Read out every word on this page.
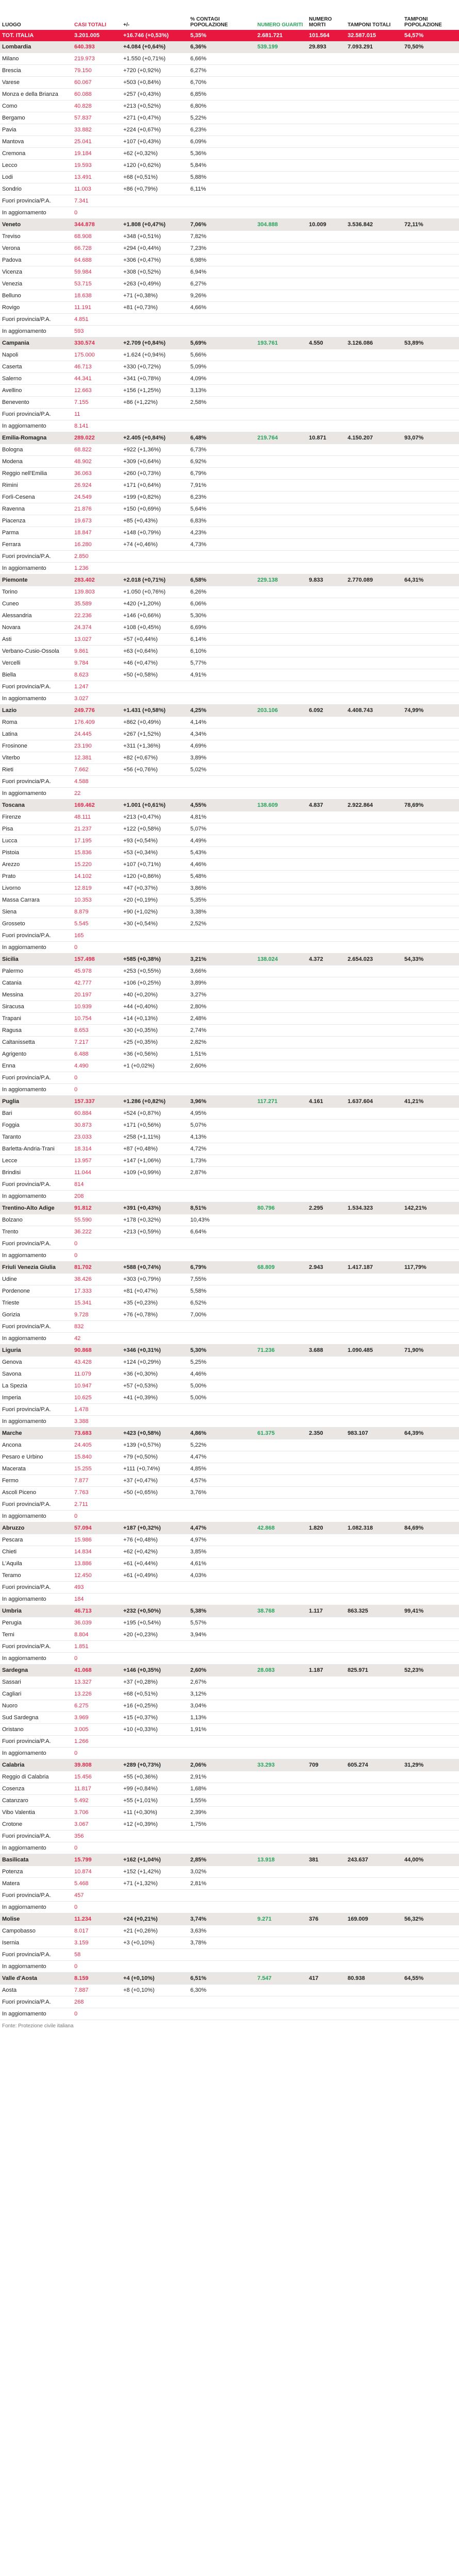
LUOGO	CASI TOTALI	+/-	% CONTAGI POPOLAZIONE	NUMERO GUARITI	NUMERO MORTI	TAMPONI TOTALI	TAMPONI POPOLAZIONE
TOT. ITALIA	3.201.005	+16.746 (+0,53%)	5,35%	2.681.721	101.564	32.587.015	54,57%
Lombardia	640.393	+4.084 (+0,64%)	6,36%	539.199	29.893	7.093.291	70,50%
Milano	219.973	+1.550 (+0,71%)	6,66%				
Brescia	79.150	+720 (+0,92%)	6,27%				
Varese	60.067	+503 (+0,84%)	6,70%				
Monza e della Brianza	60.088	+257 (+0,43%)	6,85%				
Como	40.828	+213 (+0,52%)	6,80%				
Bergamo	57.837	+271 (+0,47%)	5,22%				
Pavia	33.882	+224 (+0,67%)	6,23%				
Mantova	25.041	+107 (+0,43%)	6,09%				
Cremona	19.184	+62 (+0,32%)	5,36%				
Lecco	19.593	+120 (+0,62%)	5,84%				
Lodi	13.491	+68 (+0,51%)	5,88%				
Sondrio	11.003	+86 (+0,79%)	6,11%				
Fuori provincia/P.A.	7.341						
In aggiornamento	0						
Veneto	344.878	+1.808 (+0,47%)	7,06%	304.888	10.009	3.536.842	72,11%
Treviso	68.908	+348 (+0,51%)	7,82%				
Verona	66.728	+294 (+0,44%)	7,23%				
Padova	64.688	+306 (+0,47%)	6,98%				
Vicenza	59.984	+308 (+0,52%)	6,94%				
Venezia	53.715	+263 (+0,49%)	6,27%				
Belluno	18.638	+71 (+0,38%)	9,26%				
Rovigo	11.191	+81 (+0,73%)	4,66%				
Fuori provincia/P.A.	4.851						
In aggiornamento	593						
Campania	330.574	+2.709 (+0,84%)	5,69%	193.761	4.550	3.126.086	53,89%
Napoli	175.000	+1.624 (+0,94%)	5,66%				
Caserta	46.713	+330 (+0,72%)	5,09%				
Salerno	44.341	+341 (+0,78%)	4,09%				
Avellino	12.663	+156 (+1,25%)	3,13%				
Benevento	7.155	+86 (+1,22%)	2,58%				
Fuori provincia/P.A.	11						
In aggiornamento	8.141						
Emilia-Romagna	289.022	+2.405 (+0,84%)	6,48%	219.764	10.871	4.150.207	93,07%
Bologna	68.822	+922 (+1,36%)	6,73%				
Modena	48.902	+309 (+0,64%)	6,92%				
Reggio nell'Emilia	36.063	+260 (+0,73%)	6,79%				
Rimini	26.924	+171 (+0,64%)	7,91%				
Forlì-Cesena	24.549	+199 (+0,82%)	6,23%				
Ravenna	21.876	+150 (+0,69%)	5,64%				
Piacenza	19.673	+85 (+0,43%)	6,83%				
Parma	18.847	+148 (+0,79%)	4,23%				
Ferrara	16.280	+74 (+0,46%)	4,73%				
Fuori provincia/P.A.	2.850						
In aggiornamento	1.236						
Piemonte	283.402	+2.018 (+0,71%)	6,58%	229.138	9.833	2.770.089	64,31%
Torino	139.803	+1.050 (+0,76%)	6,26%				
Cuneo	35.589	+420 (+1,20%)	6,06%				
Alessandria	22.236	+146 (+0,66%)	5,30%				
Novara	24.374	+108 (+0,45%)	6,69%				
Asti	13.027	+57 (+0,44%)	6,14%				
Verbano-Cusio-Ossola	9.861	+63 (+0,64%)	6,10%				
Vercelli	9.784	+46 (+0,47%)	5,77%				
Biella	8.623	+50 (+0,58%)	4,91%				
Fuori provincia/P.A.	1.247						
In aggiornamento	3.027						
Lazio	249.776	+1.431 (+0,58%)	4,25%	203.106	6.092	4.408.743	74,99%
Roma	176.409	+862 (+0,49%)	4,14%				
Latina	24.445	+267 (+1,52%)	4,34%				
Frosinone	23.190	+311 (+1,36%)	4,69%				
Viterbo	12.381	+82 (+0,67%)	3,89%				
Rieti	7.662	+56 (+0,76%)	5,02%				
Fuori provincia/P.A.	4.588						
In aggiornamento	22						
Toscana	169.462	+1.001 (+0,61%)	4,55%	138.609	4.837	2.922.864	78,69%
Firenze	48.111	+213 (+0,47%)	4,81%				
Pisa	21.237	+122 (+0,58%)	5,07%				
Lucca	17.195	+93 (+0,54%)	4,49%				
Pistoia	15.836	+53 (+0,34%)	5,43%				
Arezzo	15.220	+107 (+0,71%)	4,46%				
Prato	14.102	+120 (+0,86%)	5,48%				
Livorno	12.819	+47 (+0,37%)	3,86%				
Massa Carrara	10.353	+20 (+0,19%)	5,35%				
Siena	8.879	+90 (+1,02%)	3,38%				
Grosseto	5.545	+30 (+0,54%)	2,52%				
Fuori provincia/P.A.	165						
In aggiornamento	0						
Sicilia	157.498	+585 (+0,38%)	3,21%	138.024	4.372	2.654.023	54,33%
Palermo	45.978	+253 (+0,55%)	3,66%				
Catania	42.777	+106 (+0,25%)	3,89%				
Messina	20.197	+40 (+0,20%)	3,27%				
Siracusa	10.939	+44 (+0,40%)	2,80%				
Trapani	10.754	+14 (+0,13%)	2,48%				
Ragusa	8.653	+30 (+0,35%)	2,74%				
Caltanissetta	7.217	+25 (+0,35%)	2,82%				
Agrigento	6.488	+36 (+0,56%)	1,51%				
Enna	4.490	+1 (+0,02%)	2,60%				
Fuori provincia/P.A.	0						
In aggiornamento	0						
Puglia	157.337	+1.286 (+0,82%)	3,96%	117.271	4.161	1.637.604	41,21%
Bari	60.884	+524 (+0,87%)	4,95%				
Foggia	30.873	+171 (+0,56%)	5,07%				
Taranto	23.033	+258 (+1,11%)	4,13%				
Barletta-Andria-Trani	18.314	+87 (+0,48%)	4,72%				
Lecce	13.957	+147 (+1,06%)	1,73%				
Brindisi	11.044	+109 (+0,99%)	2,87%				
Fuori provincia/P.A.	814						
In aggiornamento	208						
Trentino-Alto Adige	91.812	+391 (+0,43%)	8,51%	80.796	2.295	1.534.323	142,21%
Bolzano	55.590	+178 (+0,32%)	10,43%				
Trento	36.222	+213 (+0,59%)	6,64%				
Fuori provincia/P.A.	0						
In aggiornamento	0						
Friuli Venezia Giulia	81.702	+588 (+0,74%)	6,79%	68.809	2.943	1.417.187	117,79%
Udine	38.426	+303 (+0,79%)	7,55%				
Pordenone	17.333	+81 (+0,47%)	5,58%				
Trieste	15.341	+35 (+0,23%)	6,52%				
Gorizia	9.728	+76 (+0,78%)	7,00%				
Fuori provincia/P.A.	832						
In aggiornamento	42						
Liguria	90.868	+346 (+0,31%)	5,30%	71.236	3.688	1.090.485	71,90%
Genova	43.428	+124 (+0,29%)	5,25%				
Savona	11.079	+36 (+0,30%)	4,46%				
La Spezia	10.947	+57 (+0,53%)	5,00%				
Imperia	10.625	+41 (+0,39%)	5,00%				
Fuori provincia/P.A.	1.478						
In aggiornamento	3.388						
Marche	73.683	+423 (+0,58%)	4,86%	61.375	2.350	983.107	64,39%
Ancona	24.405	+139 (+0,57%)	5,22%				
Pesaro e Urbino	15.840	+79 (+0,50%)	4,47%				
Macerata	15.255	+111 (+0,74%)	4,85%				
Fermo	7.877	+37 (+0,47%)	4,57%				
Ascoli Piceno	7.763	+50 (+0,65%)	3,76%				
Fuori provincia/P.A.	2.711						
In aggiornamento	0						
Abruzzo	57.094	+187 (+0,32%)	4,47%	42.868	1.820	1.082.318	84,69%
Pescara	15.986	+76 (+0,48%)	4,97%				
Chieti	14.834	+62 (+0,42%)	3,85%				
L'Aquila	13.886	+61 (+0,44%)	4,61%				
Teramo	12.450	+61 (+0,49%)	4,03%				
Fuori provincia/P.A.	493						
In aggiornamento	184						
Umbria	46.713	+232 (+0,50%)	5,38%	38.768	1.117	863.325	99,41%
Perugia	36.039	+195 (+0,54%)	5,57%				
Terni	8.804	+20 (+0,23%)	3,94%				
Fuori provincia/P.A.	1.851						
In aggiornamento	0						
Sardegna	41.068	+146 (+0,35%)	2,60%	28.083	1.187	825.971	52,23%
Sassari	13.327	+37 (+0,28%)	2,67%				
Cagliari	13.226	+68 (+0,51%)	3,12%				
Nuoro	6.275	+16 (+0,25%)	3,04%				
Sud Sardegna	3.969	+15 (+0,37%)	1,13%				
Oristano	3.005	+10 (+0,33%)	1,91%				
Fuori provincia/P.A.	1.266						
In aggiornamento	0						
Calabria	39.808	+289 (+0,73%)	2,06%	33.293	709	605.274	31,29%
Reggio di Calabria	15.456	+55 (+0,36%)	2,91%				
Cosenza	11.817	+99 (+0,84%)	1,68%				
Catanzaro	5.492	+55 (+1,01%)	1,55%				
Vibo Valentia	3.706	+11 (+0,30%)	2,39%				
Crotone	3.067	+12 (+0,39%)	1,75%				
Fuori provincia/P.A.	356						
In aggiornamento	0						
Basilicata	15.799	+162 (+1,04%)	2,85%	13.918	381	243.637	44,00%
Potenza	10.874	+152 (+1,42%)	3,02%				
Matera	5.468	+71 (+1,32%)	2,81%				
Fuori provincia/P.A.	457						
In aggiornamento	0						
Molise	11.234	+24 (+0,21%)	3,74%	9.271	376	169.009	56,32%
Campobasso	8.017	+21 (+0,26%)	3,63%				
Isernia	3.159	+3 (+0,10%)	3,78%				
Fuori provincia/P.A.	58						
In aggiornamento	0						
Valle d'Aosta	8.159	+4 (+0,10%)	6,51%	7.547	417	80.938	64,55%
Aosta	7.887	+8 (+0,10%)	6,30%				
Fuori provincia/P.A.	268						
In aggiornamento	0						
Fonte: Protezione civile italiana
